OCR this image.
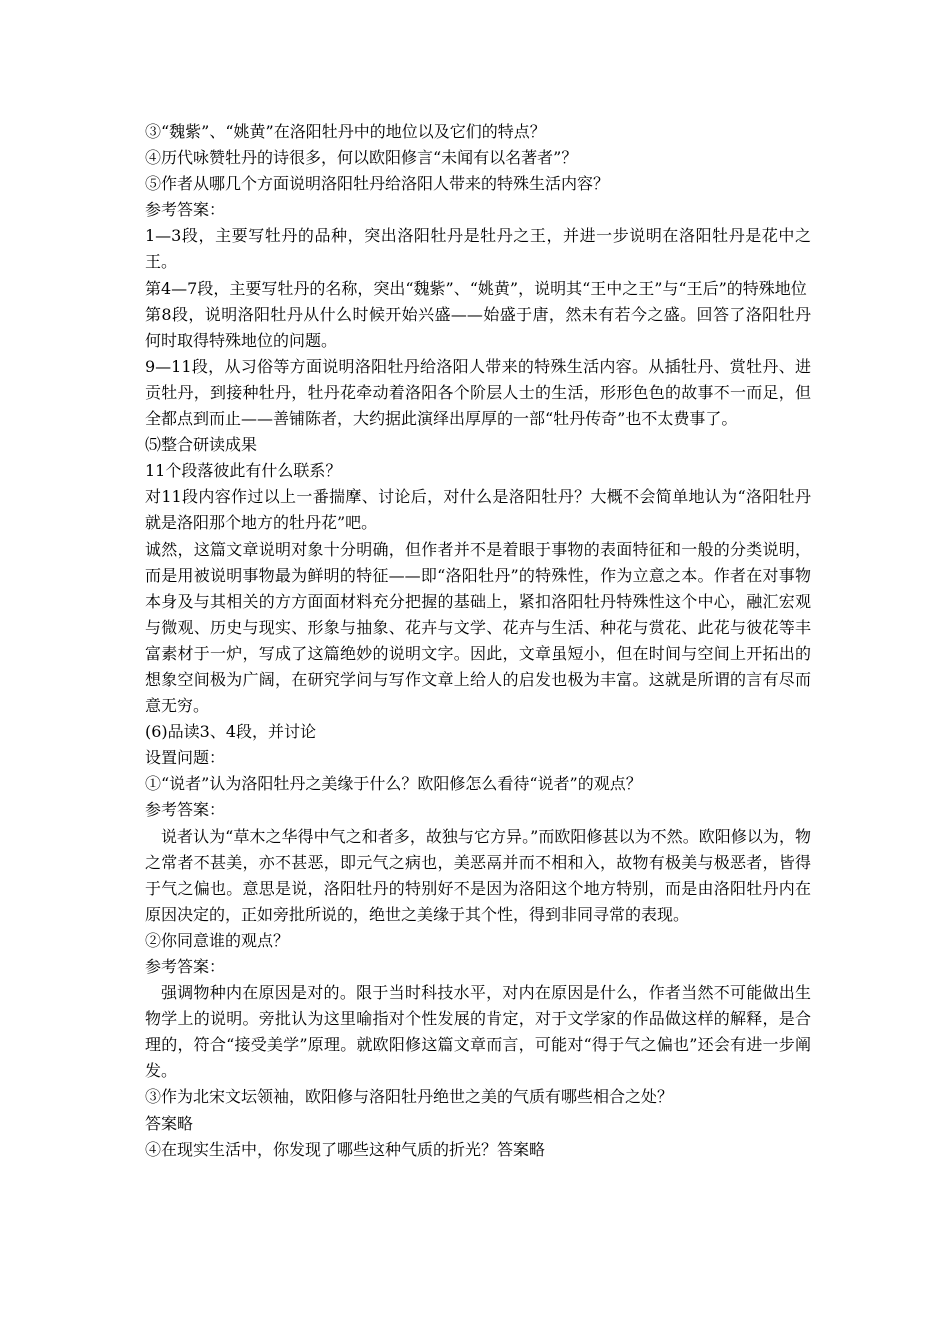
③“魏紫”、“姚黄”在洛阳牡丹中的地位以及它们的特点？

④历代咏赞牡丹的诗很多，何以欧阳修言“未闻有以名著者”？

⑤作者从哪几个方面说明洛阳牡丹给洛阳人带来的特殊生活内容？

参考答案：

1—3段，主要写牡丹的品种，突出洛阳牡丹是牡丹之王，并进一步说明在洛阳牡丹是花中之王。

第4—7段，主要写牡丹的名称，突出“魏紫”、“姚黄”，说明其“王中之王”与“王后”的特殊地位

第8段，说明洛阳牡丹从什么时候开始兴盛——始盛于唐，然未有若今之盛。回答了洛阳牡丹何时取得特殊地位的问题。

9—11段，从习俗等方面说明洛阳牡丹给洛阳人带来的特殊生活内容。从插牡丹、赏牡丹、进贡牡丹，到接种牡丹，牡丹花牵动着洛阳各个阶层人士的生活，形形色色的故事不一而足，但全都点到而止——善铺陈者，大约据此演绎出厚厚的一部“牡丹传奇”也不太费事了。

⑸整合研读成果

11个段落彼此有什么联系？

对11段内容作过以上一番揣摩、讨论后，对什么是洛阳牡丹？大概不会简单地认为“洛阳牡丹就是洛阳那个地方的牡丹花”吧。

诚然，这篇文章说明对象十分明确，但作者并不是着眼于事物的表面特征和一般的分类说明，而是用被说明事物最为鲜明的特征——即“洛阳牡丹”的特殊性，作为立意之本。作者在对事物本身及与其相关的方方面面材料充分把握的基础上，紧扣洛阳牡丹特殊性这个中心，融汇宏观与微观、历史与现实、形象与抽象、花卉与文学、花卉与生活、种花与赏花、此花与彼花等丰富素材于一炉，写成了这篇绝妙的说明文字。因此，文章虽短小，但在时间与空间上开拓出的想象空间极为广阔，在研究学问与写作文章上给人的启发也极为丰富。这就是所谓的言有尽而意无穷。

(6)品读3、4段，并讨论

设置问题：

①“说者”认为洛阳牡丹之美缘于什么？欧阳修怎么看待“说者”的观点？

参考答案：

说者认为“草木之华得中气之和者多，故独与它方异。”而欧阳修甚以为不然。欧阳修以为，物之常者不甚美，亦不甚恶，即元气之病也，美恶鬲并而不相和入，故物有极美与极恶者，皆得于气之偏也。意思是说，洛阳牡丹的特别好不是因为洛阳这个地方特别，而是由洛阳牡丹内在原因决定的，正如旁批所说的，绝世之美缘于其个性，得到非同寻常的表现。

②你同意谁的观点？

参考答案：

强调物种内在原因是对的。限于当时科技水平，对内在原因是什么，作者当然不可能做出生物学上的说明。旁批认为这里喻指对个性发展的肯定，对于文学家的作品做这样的解释，是合理的，符合“接受美学”原理。就欧阳修这篇文章而言，可能对“得于气之偏也”还会有进一步阐发。

③作为北宋文坛领袖，欧阳修与洛阳牡丹绝世之美的气质有哪些相合之处？

答案略

④在现实生活中，你发现了哪些这种气质的折光？答案略
